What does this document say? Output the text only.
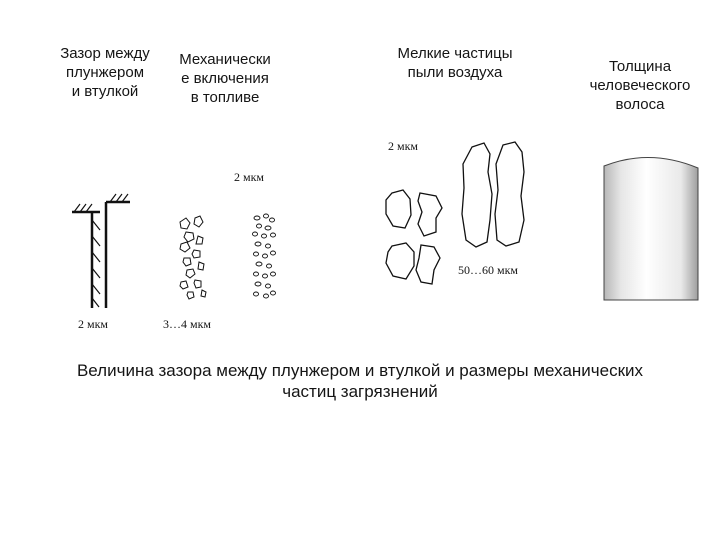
Зазор между
плунжером
и втулкой
Механически
е включения
в топливе
Мелкие частицы
пыли воздуха	Толщина
человеческого
волоса
2 мкм
2 мкм
50…60 мкм
2 мкм	3…4 мкм
Величина зазора между плунжером и втулкой и размеры механических
частиц загрязнений
